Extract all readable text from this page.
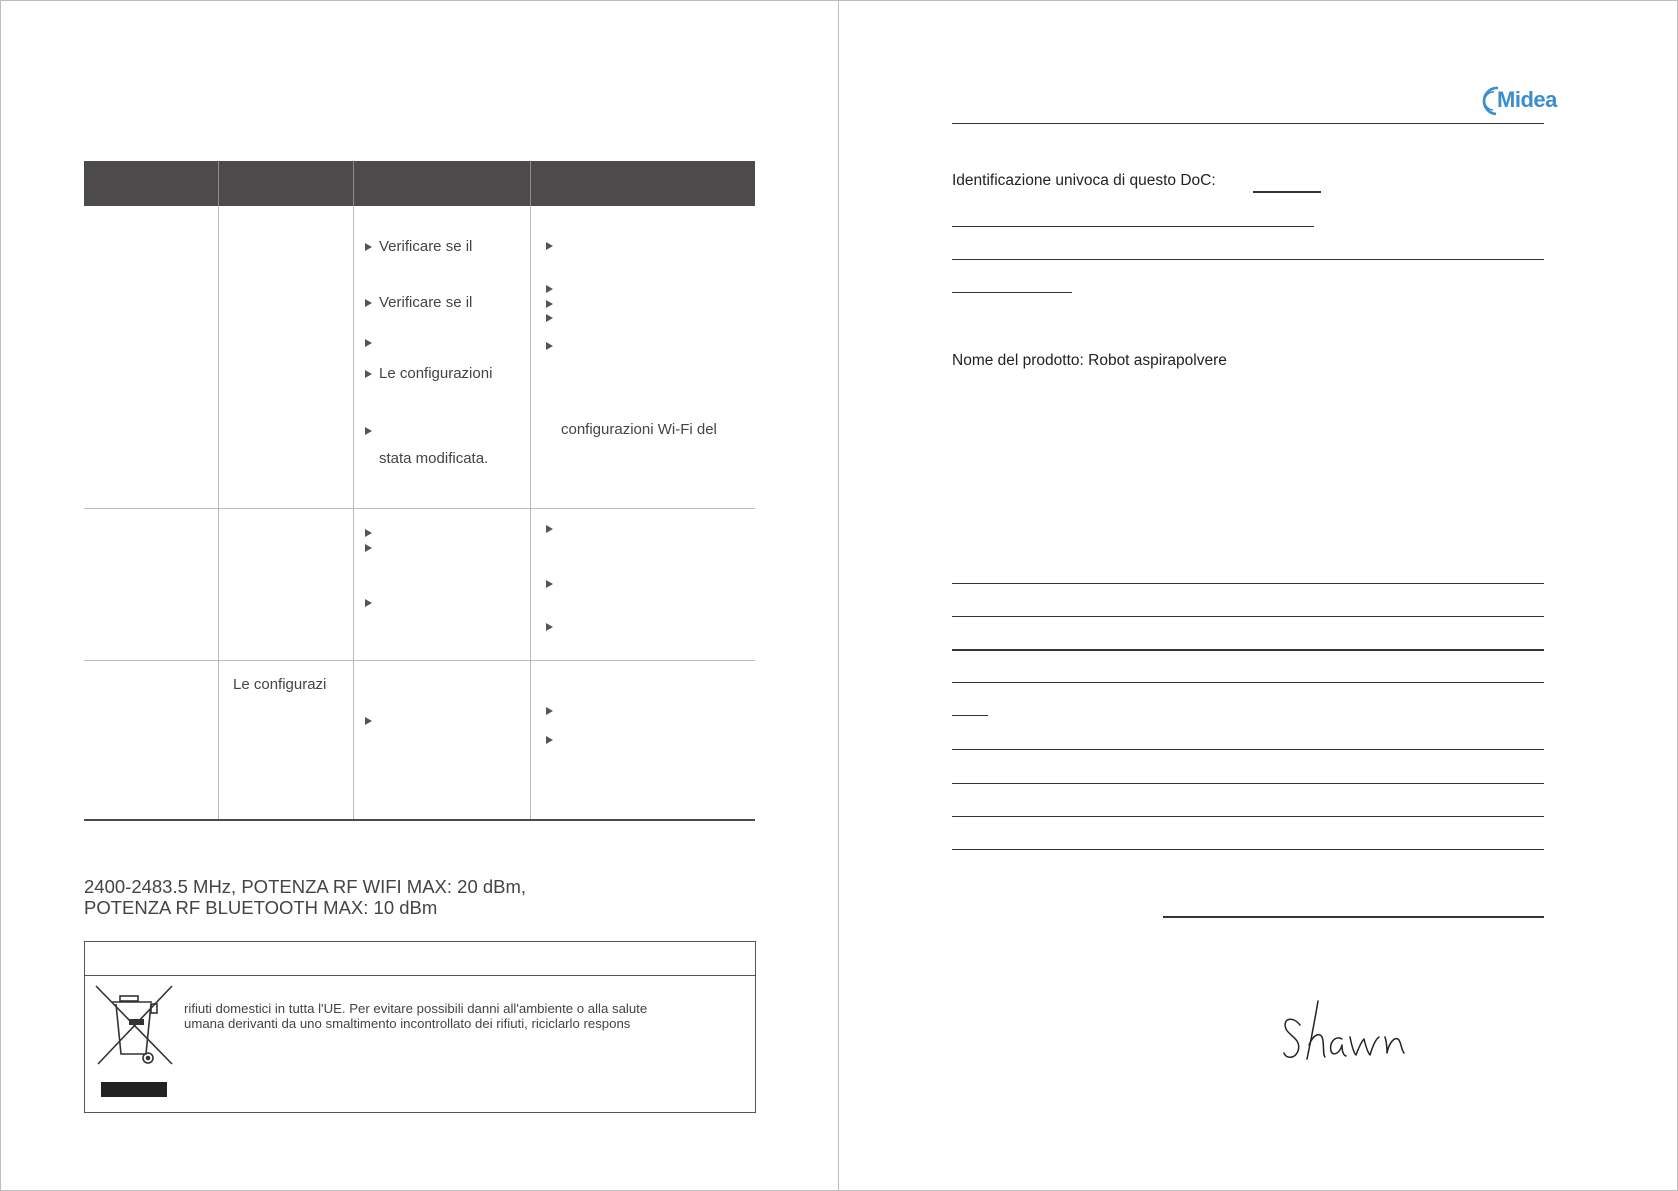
Verificare se il
Verificare se il
Le configurazioni
stata modificata.
configurazioni Wi-Fi del
Le configurazi
2400-2483.5 MHz, POTENZA RF WIFI MAX: 20 dBm,
POTENZA RF BLUETOOTH MAX: 10 dBm
rifiuti domestici in tutta l'UE. Per evitare possibili danni all'ambiente o alla salute
umana derivanti da uno smaltimento incontrollato dei rifiuti, riciclarlo respons
Midea
Identificazione univoca di questo DoC:
Nome del prodotto: Robot aspirapolvere
